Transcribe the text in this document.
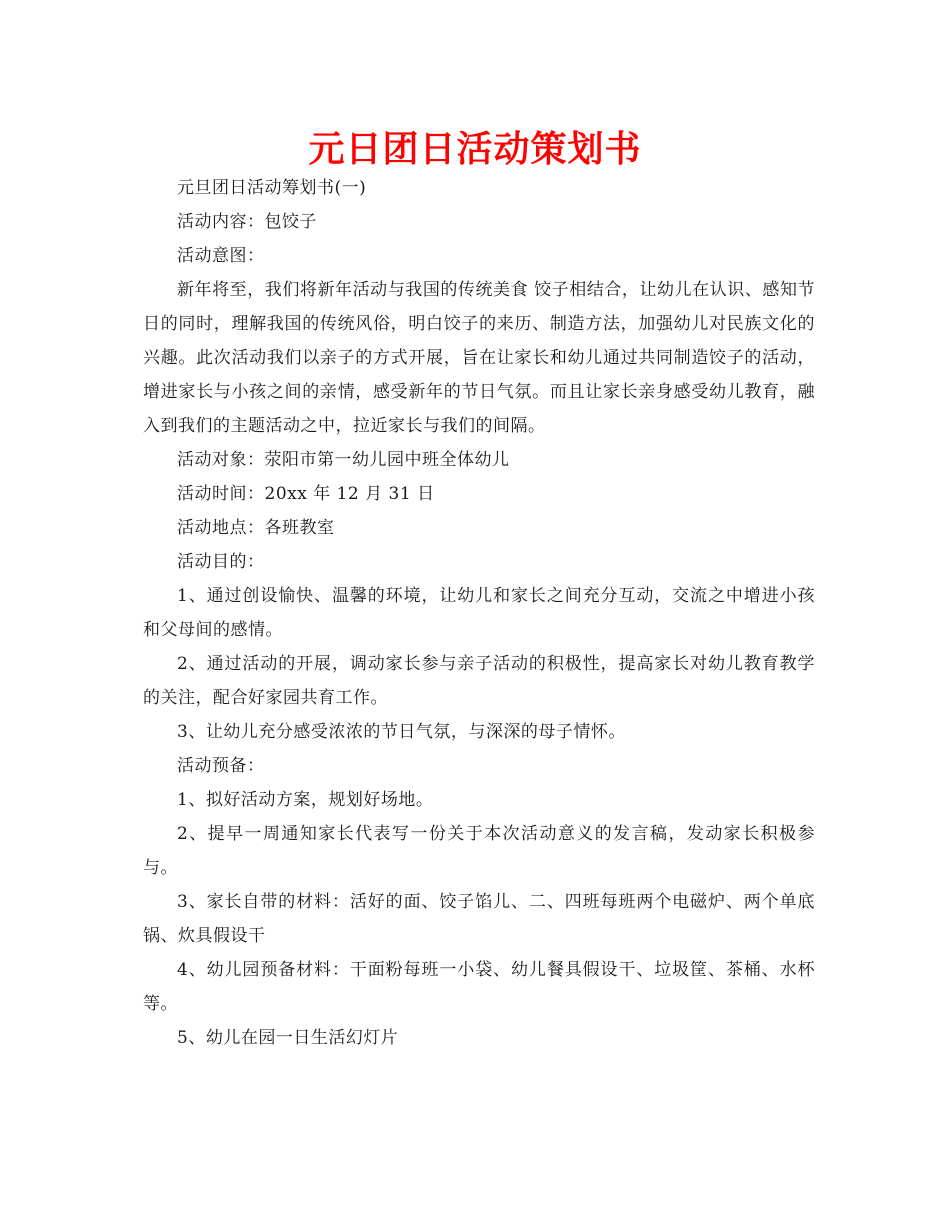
元日团日活动策划书

元旦团日活动筹划书(一)

活动内容：包饺子

活动意图：

新年将至，我们将新年活动与我国的传统美食 饺子相结合，让幼儿在认识、感知节日的同时，理解我国的传统风俗，明白饺子的来历、制造方法，加强幼儿对民族文化的兴趣。此次活动我们以亲子的方式开展，旨在让家长和幼儿通过共同制造饺子的活动，增进家长与小孩之间的亲情，感受新年的节日气氛。而且让家长亲身感受幼儿教育，融入到我们的主题活动之中，拉近家长与我们的间隔。

活动对象：荥阳市第一幼儿园中班全体幼儿

活动时间：20xx 年 12 月 31 日

活动地点：各班教室

活动目的：

1、通过创设愉快、温馨的环境，让幼儿和家长之间充分互动，交流之中增进小孩和父母间的感情。

2、通过活动的开展，调动家长参与亲子活动的积极性，提高家长对幼儿教育教学的关注，配合好家园共育工作。

3、让幼儿充分感受浓浓的节日气氛，与深深的母子情怀。

活动预备：

1、拟好活动方案，规划好场地。

2、提早一周通知家长代表写一份关于本次活动意义的发言稿，发动家长积极参与。

3、家长自带的材料：活好的面、饺子馅儿、二、四班每班两个电磁炉、两个单底锅、炊具假设干

4、幼儿园预备材料：干面粉每班一小袋、幼儿餐具假设干、垃圾筐、茶桶、水杯等。

5、幼儿在园一日生活幻灯片
